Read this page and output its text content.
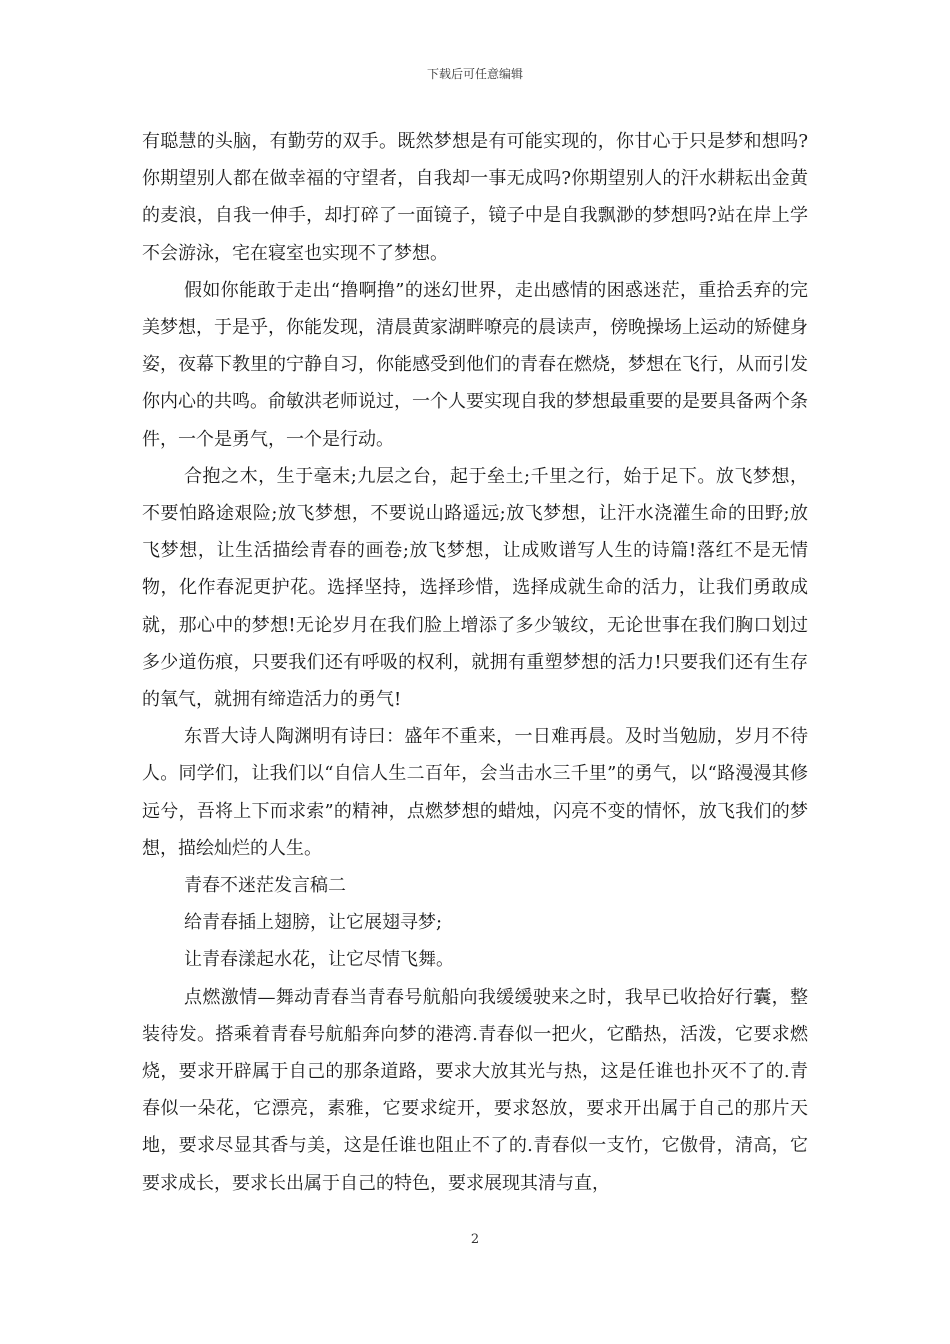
下载后可任意编辑

有聪慧的头脑，有勤劳的双手。既然梦想是有可能实现的，你甘心于只是梦和想吗?你期望别人都在做幸福的守望者，自我却一事无成吗?你期望别人的汗水耕耘出金黄的麦浪，自我一伸手，却打碎了一面镜子，镜子中是自我飘渺的梦想吗?站在岸上学不会游泳，宅在寝室也实现不了梦想。

假如你能敢于走出“撸啊撸”的迷幻世界，走出感情的困惑迷茫，重拾丢弃的完美梦想，于是乎，你能发现，清晨黄家湖畔嘹亮的晨读声，傍晚操场上运动的矫健身姿，夜幕下教里的宁静自习，你能感受到他们的青春在燃烧，梦想在飞行，从而引发你内心的共鸣。俞敏洪老师说过，一个人要实现自我的梦想最重要的是要具备两个条件，一个是勇气，一个是行动。

合抱之木，生于毫末;九层之台，起于垒土;千里之行，始于足下。放飞梦想，不要怕路途艰险;放飞梦想，不要说山路遥远;放飞梦想，让汗水浇灌生命的田野;放飞梦想，让生活描绘青春的画卷;放飞梦想，让成败谱写人生的诗篇!落红不是无情物，化作春泥更护花。选择坚持，选择珍惜，选择成就生命的活力，让我们勇敢成就，那心中的梦想!无论岁月在我们脸上增添了多少皱纹，无论世事在我们胸口划过多少道伤痕，只要我们还有呼吸的权利，就拥有重塑梦想的活力!只要我们还有生存的氧气，就拥有缔造活力的勇气!

东晋大诗人陶渊明有诗曰：盛年不重来，一日难再晨。及时当勉励，岁月不待人。同学们，让我们以“自信人生二百年，会当击水三千里”的勇气，以“路漫漫其修远兮，吾将上下而求索”的精神，点燃梦想的蜡烛，闪亮不变的情怀，放飞我们的梦想，描绘灿烂的人生。

青春不迷茫发言稿二

给青春插上翅膀，让它展翅寻梦;

让青春漾起水花，让它尽情飞舞。

点燃激情—舞动青春当青春号航船向我缓缓驶来之时，我早已收拾好行囊，整装待发。搭乘着青春号航船奔向梦的港湾.青春似一把火，它酷热，活泼，它要求燃烧，要求开辟属于自己的那条道路，要求大放其光与热，这是任谁也扑灭不了的.青春似一朵花，它漂亮，素雅，它要求绽开，要求怒放，要求开出属于自己的那片天地，要求尽显其香与美，这是任谁也阻止不了的.青春似一支竹，它傲骨，清高，它要求成长，要求长出属于自己的特色，要求展现其清与直，

2
